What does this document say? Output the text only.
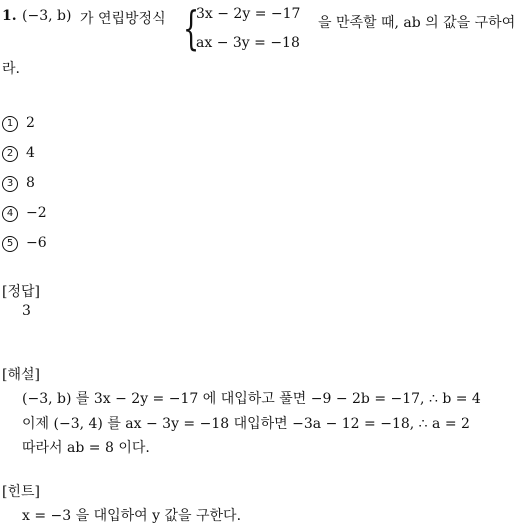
1. (−3, b) 가 연립방정식 {
3x − 2y = −17
ax − 3y = −18
을 만족할 때, ab 의 값을 구하여
라.
1 2
2 4
3 8
4 −2
5 −6
[정답]
3
[해설]
(−3, b) 를 3x − 2y = −17 에 대입하고 풀면 −9 − 2b = −17, ∴ b = 4
이제 (−3, 4) 를 ax − 3y = −18 대입하면 −3a − 12 = −18, ∴ a = 2
따라서 ab = 8 이다.
[힌트]
x = −3 을 대입하여 y 값을 구한다.
